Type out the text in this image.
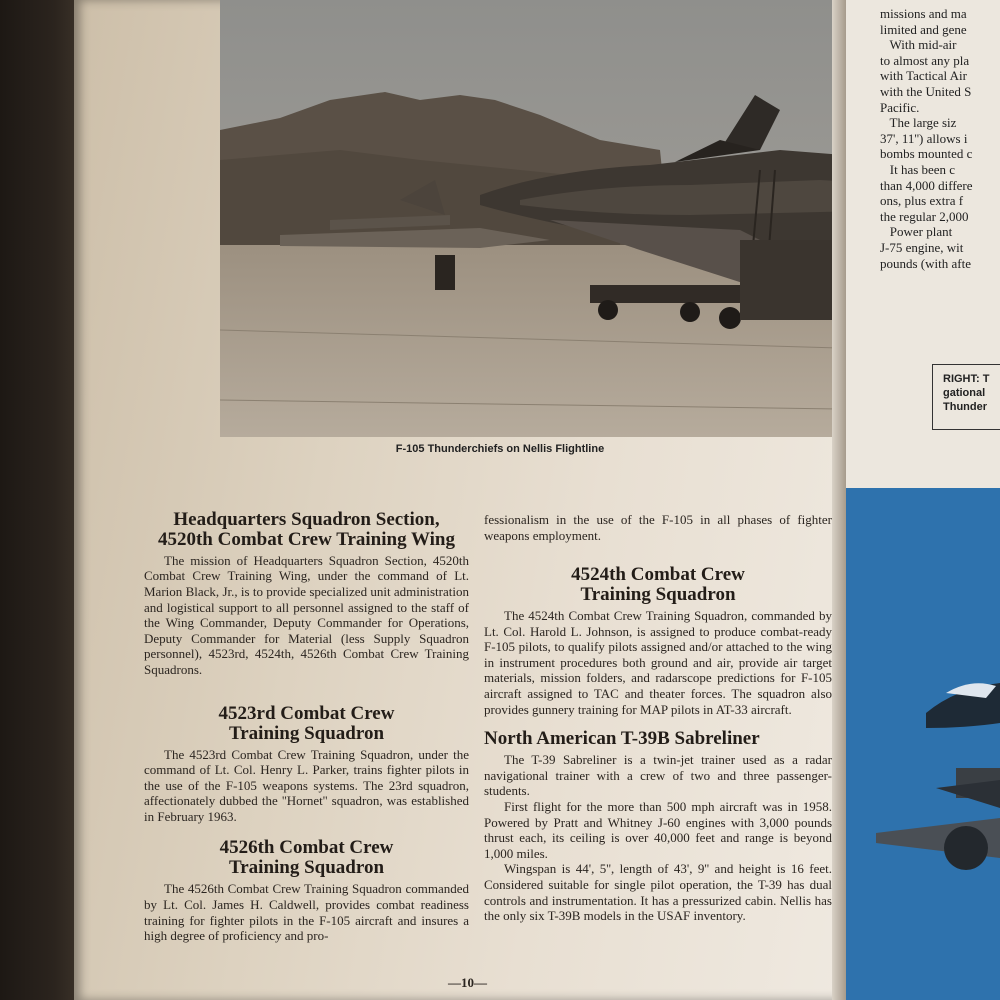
F-105 Thunderchiefs on Nellis Flightline
Headquarters Squadron Section,
4520th Combat Crew Training Wing

The mission of Headquarters Squadron Section, 4520th Combat Crew Training Wing, under the command of Lt. Marion Black, Jr., is to provide specialized unit administration and logistical support to all personnel assigned to the staff of the Wing Commander, Deputy Commander for Operations, Deputy Commander for Material (less Supply Squadron personnel), 4523rd, 4524th, 4526th Combat Crew Training Squadrons.

4523rd Combat Crew
Training Squadron

The 4523rd Combat Crew Training Squadron, under the command of Lt. Col. Henry L. Parker, trains fighter pilots in the use of the F-105 weapons systems. The 23rd squadron, affectionately dubbed the ''Hornet'' squadron, was established in February 1963.

4526th Combat Crew
Training Squadron

The 4526th Combat Crew Training Squadron commanded by Lt. Col. James H. Caldwell, provides combat readiness training for fighter pilots in the F-105 aircraft and insures a high degree of proficiency and pro-

fessionalism in the use of the F-105 in all phases of fighter weapons employment.

4524th Combat Crew
Training Squadron

The 4524th Combat Crew Training Squadron, commanded by Lt. Col. Harold L. Johnson, is assigned to produce combat-ready F-105 pilots, to qualify pilots assigned and/or attached to the wing in instrument procedures both ground and air, provide air target materials, mission folders, and radarscope predictions for F-105 aircraft assigned to TAC and theater forces. The squadron also provides gunnery training for MAP pilots in AT-33 aircraft.

North American T-39B Sabreliner

The T-39 Sabreliner is a twin-jet trainer used as a radar navigational trainer with a crew of two and three passenger-students.

First flight for the more than 500 mph aircraft was in 1958. Powered by Pratt and Whitney J-60 engines with 3,000 pounds thrust each, its ceiling is over 40,000 feet and range is beyond 1,000 miles.

Wingspan is 44', 5'', length of 43', 9'' and height is 16 feet. Considered suitable for single pilot operation, the T-39 has dual controls and instrumentation. It has a pressurized cabin. Nellis has the only six T-39B models in the USAF inventory.

—10—
missions and ma
limited and gene
With mid-air
to almost any pla
with Tactical Air
with the United S
Pacific.
The large siz
37', 11'') allows i
bombs mounted c
It has been c
than 4,000 differe
ons, plus extra f
the regular 2,000
Power plant
J-75 engine, wit
pounds (with afte
RIGHT: T
gational
Thunder
